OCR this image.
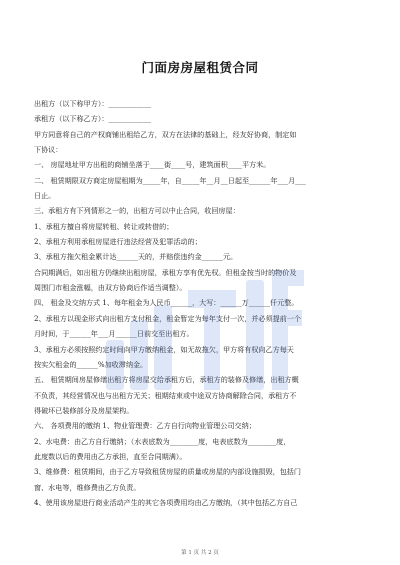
门面房房屋租赁合同
出租方（以下称甲方）：____________
承租方（以下称乙方）：____________
甲方同意将自己的产权商铺出租给乙方，双方在法律的基础上，经友好协商，制定如
下协议：
一、 房屋地址甲方出租的商铺坐落于____街____号，建筑面积____平方米。
二、 租赁期限双方商定房屋租期为_____年，自_____年__月__日起至______年___月___
日止。
三、承租方有下列情形之一的，出租方可以中止合同，收回房屋：
1、承租方擅自将房屋转租、转让或转借的；
2、承租方利用承租房屋进行违法经营及犯罪活动的；
3、承租方拖欠租金累计达______天的，并赔偿违约金______元。
合同期满后，如出租方仍继续出租房屋，承租方享有优先权。但租金按当时的物价及
周围门市租金涨幅，由双方协商后作适当调整）。
四、 租金及交纳方式 1、每年租金为人民币______，大写：______万______仟元整。
2、承租方以现金形式向出租方支付租金，租金暂定为每年支付一次，并必须提前一个
月时间，于______年___月______日前交至出租方。
3、承租方必须按照约定时间向甲方缴纳租金，如无故拖欠，甲方将有权向乙方每天
按实欠租金的______%加收滞纳金。
五、 租赁期间房屋修缮出租方将房屋交给承租方后，承租方的装修及修缮，出租方概
不负责，其经营情况也与出租方无关；租期结束或中途双方协商解除合同，承租方不
得破坏已装修部分及房屋架构。
六、 各项费用的缴纳 1、物业管理费：乙方自行向物业管理公司交纳；
2、水电费：由乙方自行缴纳；（水表底数为________度，电表底数为________度，
此度数以后的费用由乙方承担，直至合同期满）。
3、维修费：租赁期间，由于乙方导致租赁房屋的质量或房屋的内部设施损毁，包括门
窗、水电等，维修费由乙方负责。
4、使用该房屋进行商业活动产生的其它各项费用均由乙方缴纳，（其中包括乙方自己
第 1 页 共 2 页
